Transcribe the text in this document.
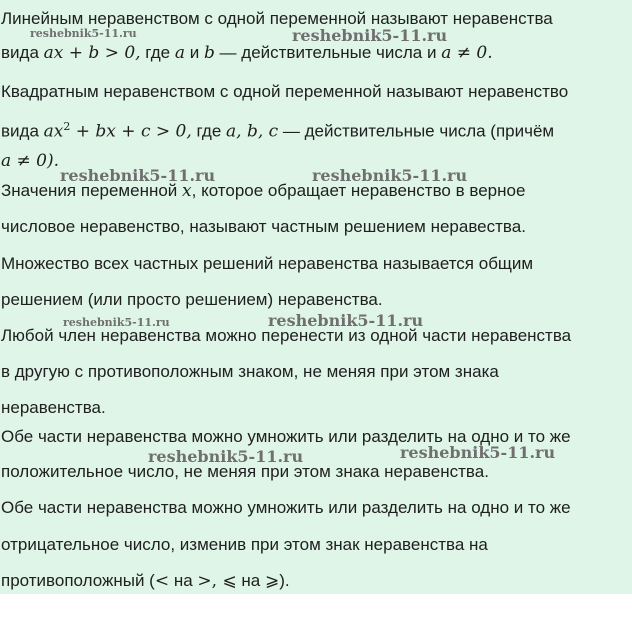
Линейным неравенством с одной переменной называют неравенства
вида ax + b > 0, где a и b — действительные числа и a ≠ 0.
Квадратным неравенством с одной переменной называют неравенство
вида $ax^2$ + bx + c > 0, где a, b, c — действительные числа (причём
a ≠ 0).
Значения переменной x, которое обращает неравенство в верное
числовое неравенство, называют частным решением неравества.
Множество всех частных решений неравенства называется общим
решением (или просто решением) неравенства.
Любой член неравенства можно перенести из одной части неравенства
в другую с противоположным знаком, не меняя при этом знака
неравенства.
Обе части неравенства можно умножить или разделить на одно и то же
положительное число, не меняя при этом знака неравенства.
Обе части неравенства можно умножить или разделить на одно и то же
отрицательное число, изменив при этом знак неравенства на
противоположный (< на >, ⩽ на ⩾).
reshebnik5-11.ru	reshebnik5-11.ru
reshebnik5-11.ru	reshebnik5-11.ru
reshebnik5-11.ru	reshebnik5-11.ru
reshebnik5-11.ru	reshebnik5-11.ru
